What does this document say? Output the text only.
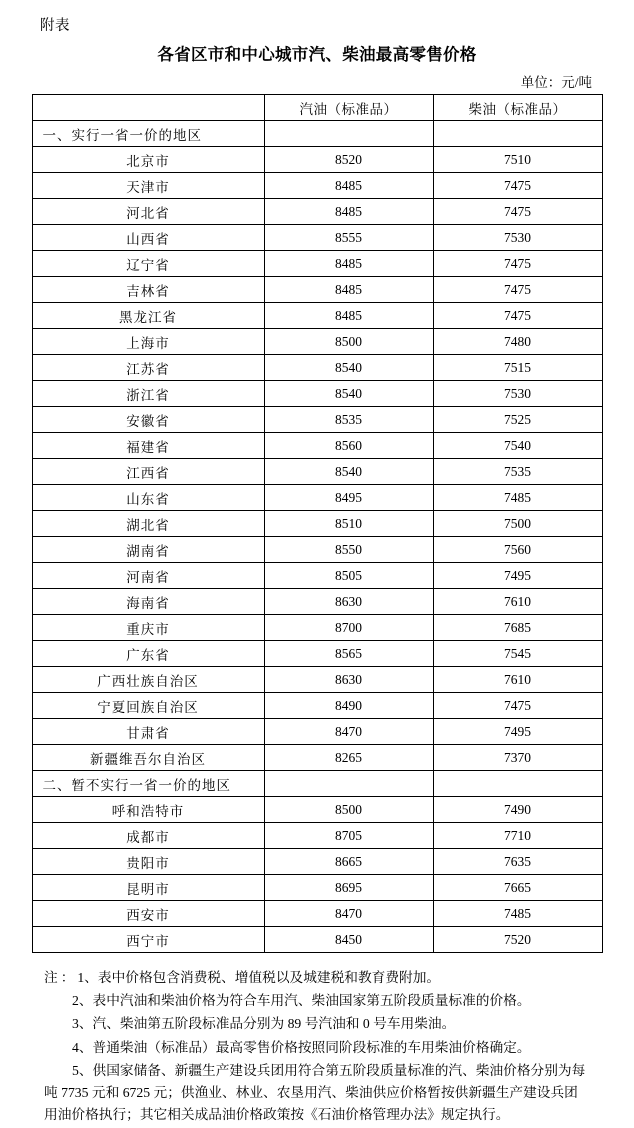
附表
各省区市和中心城市汽、柴油最高零售价格
单位：元/吨
	汽油（标准品）	柴油（标准品）
一、实行一省一价的地区		
北京市	8520	7510
天津市	8485	7475
河北省	8485	7475
山西省	8555	7530
辽宁省	8485	7475
吉林省	8485	7475
黑龙江省	8485	7475
上海市	8500	7480
江苏省	8540	7515
浙江省	8540	7530
安徽省	8535	7525
福建省	8560	7540
江西省	8540	7535
山东省	8495	7485
湖北省	8510	7500
湖南省	8550	7560
河南省	8505	7495
海南省	8630	7610
重庆市	8700	7685
广东省	8565	7545
广西壮族自治区	8630	7610
宁夏回族自治区	8490	7475
甘肃省	8470	7495
新疆维吾尔自治区	8265	7370
二、暂不实行一省一价的地区		
呼和浩特市	8500	7490
成都市	8705	7710
贵阳市	8665	7635
昆明市	8695	7665
西安市	8470	7485
西宁市	8450	7520
注： 1、表中价格包含消费税、增值税以及城建税和教育费附加。
2、表中汽油和柴油价格为符合车用汽、柴油国家第五阶段质量标准的价格。
3、汽、柴油第五阶段标准品分别为 89 号汽油和 0 号车用柴油。
4、普通柴油（标准品）最高零售价格按照同阶段标准的车用柴油价格确定。
5、供国家储备、新疆生产建设兵团用符合第五阶段质量标准的汽、柴油价格分别为每吨 7735 元和 6725 元；供渔业、林业、农垦用汽、柴油供应价格暂按供新疆生产建设兵团用油价格执行；其它相关成品油价格政策按《石油价格管理办法》规定执行。
